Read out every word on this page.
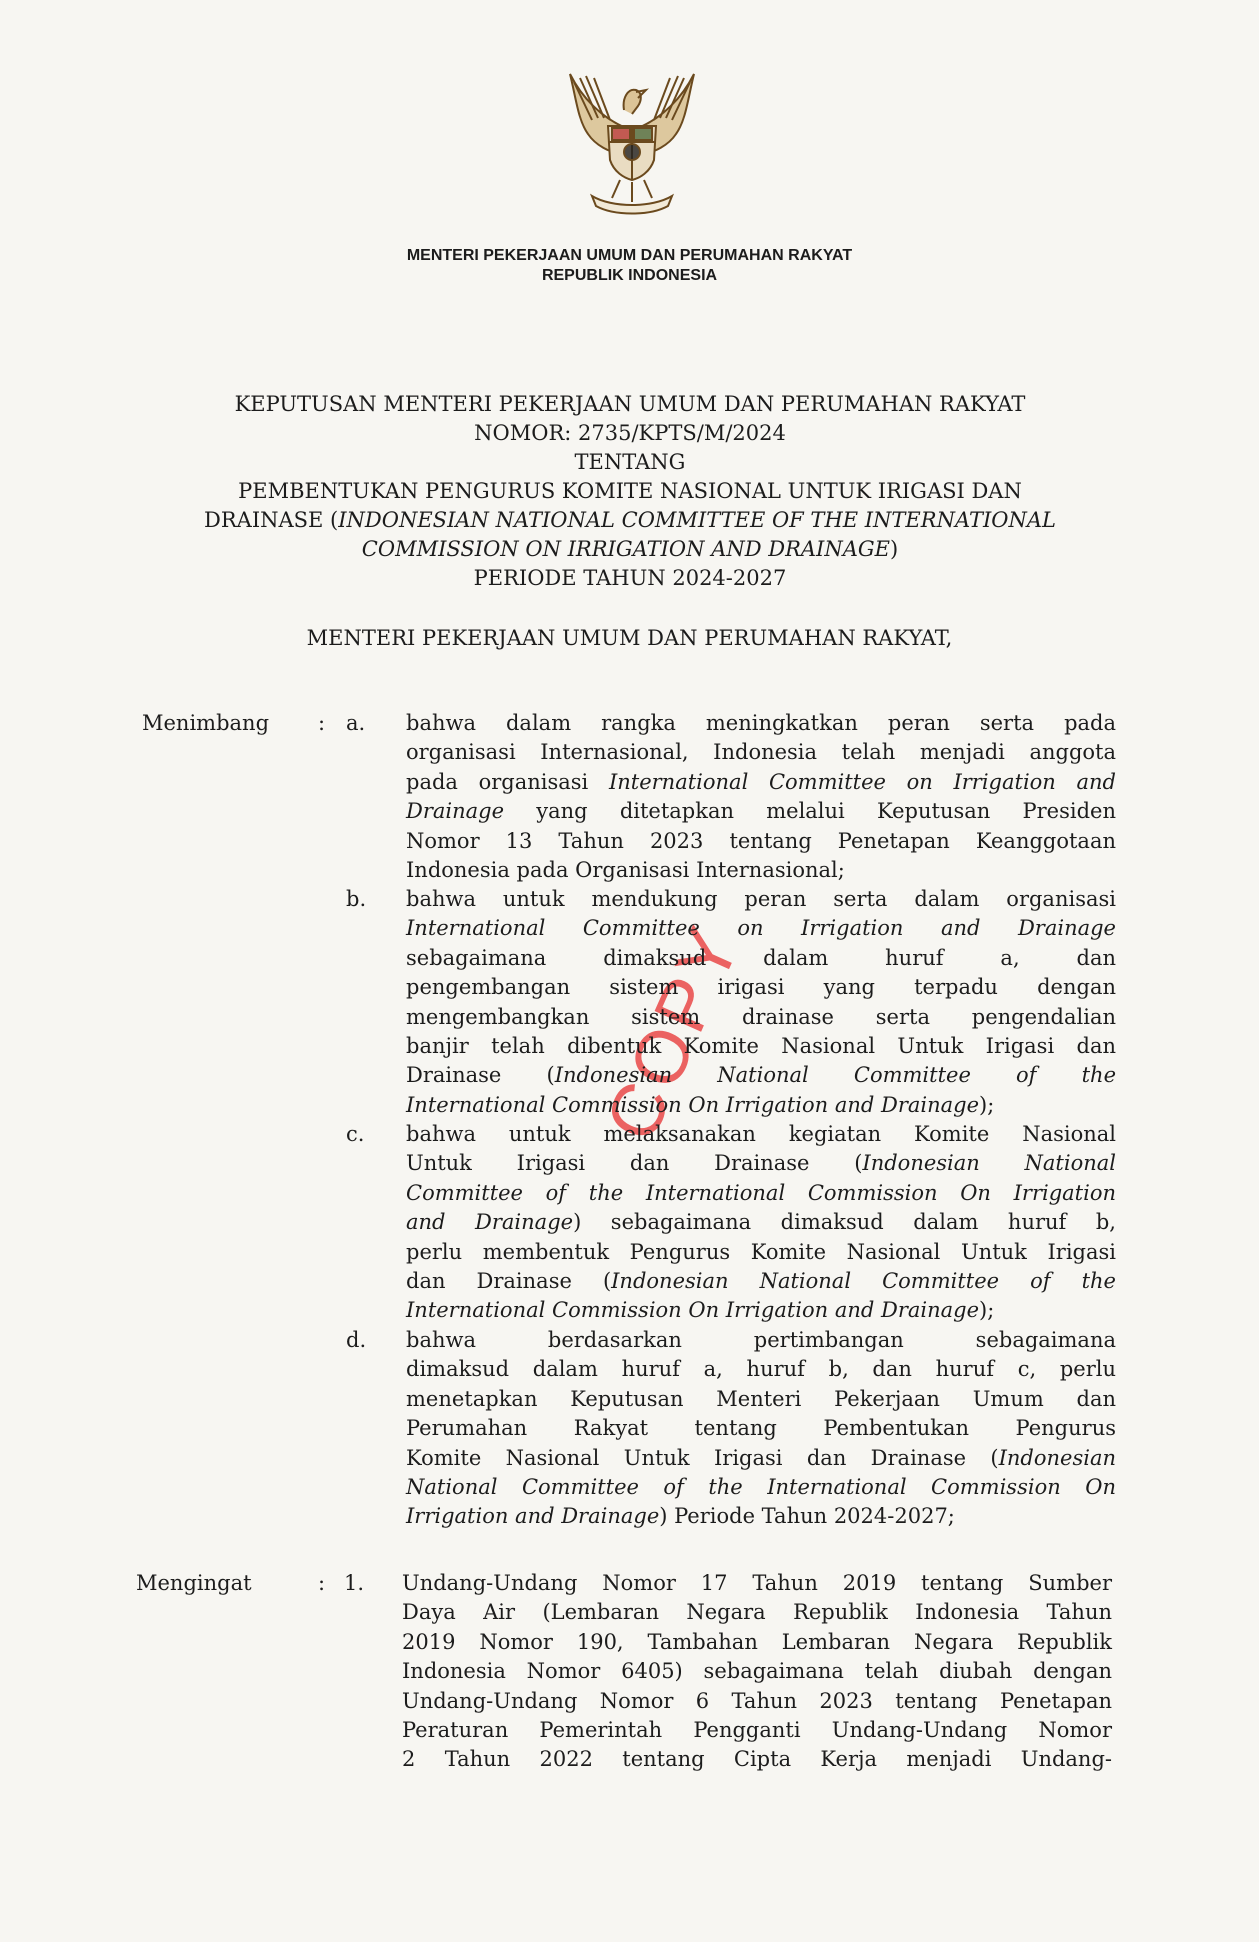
MENTERI PEKERJAAN UMUM DAN PERUMAHAN RAKYAT
REPUBLIK INDONESIA
KEPUTUSAN MENTERI PEKERJAAN UMUM DAN PERUMAHAN RAKYAT
NOMOR: 2735/KPTS/M/2024
TENTANG
PEMBENTUKAN PENGURUS KOMITE NASIONAL UNTUK IRIGASI DAN
DRAINASE (INDONESIAN NATIONAL COMMITTEE OF THE INTERNATIONAL
COMMISSION ON IRRIGATION AND DRAINAGE)
PERIODE TAHUN 2024-2027
MENTERI PEKERJAAN UMUM DAN PERUMAHAN RAKYAT,
COPY
Menimbang : a. bahwa dalam rangka meningkatkan peran serta pada
organisasi Internasional, Indonesia telah menjadi anggota
pada organisasi International Committee on Irrigation and
Drainage yang ditetapkan melalui Keputusan Presiden
Nomor 13 Tahun 2023 tentang Penetapan Keanggotaan
Indonesia pada Organisasi Internasional;
b. bahwa untuk mendukung peran serta dalam organisasi
International Committee on Irrigation and Drainage
sebagaimana dimaksud dalam huruf a, dan
pengembangan sistem irigasi yang terpadu dengan
mengembangkan sistem drainase serta pengendalian
banjir telah dibentuk Komite Nasional Untuk Irigasi dan
Drainase (Indonesian National Committee of the
International Commission On Irrigation and Drainage);
c. bahwa untuk melaksanakan kegiatan Komite Nasional
Untuk Irigasi dan Drainase (Indonesian National
Committee of the International Commission On Irrigation
and Drainage) sebagaimana dimaksud dalam huruf b,
perlu membentuk Pengurus Komite Nasional Untuk Irigasi
dan Drainase (Indonesian National Committee of the
International Commission On Irrigation and Drainage);
d. bahwa berdasarkan pertimbangan sebagaimana
dimaksud dalam huruf a, huruf b, dan huruf c, perlu
menetapkan Keputusan Menteri Pekerjaan Umum dan
Perumahan Rakyat tentang Pembentukan Pengurus
Komite Nasional Untuk Irigasi dan Drainase (Indonesian
National Committee of the International Commission On
Irrigation and Drainage) Periode Tahun 2024-2027;
Mengingat	: 1. Undang-Undang Nomor 17 Tahun 2019 tentang Sumber
Daya Air (Lembaran Negara Republik Indonesia Tahun
2019 Nomor 190, Tambahan Lembaran Negara Republik
Indonesia Nomor 6405) sebagaimana telah diubah dengan
Undang-Undang Nomor 6 Tahun 2023 tentang Penetapan
Peraturan Pemerintah Pengganti Undang-Undang Nomor
2 Tahun 2022 tentang Cipta Kerja menjadi Undang-
